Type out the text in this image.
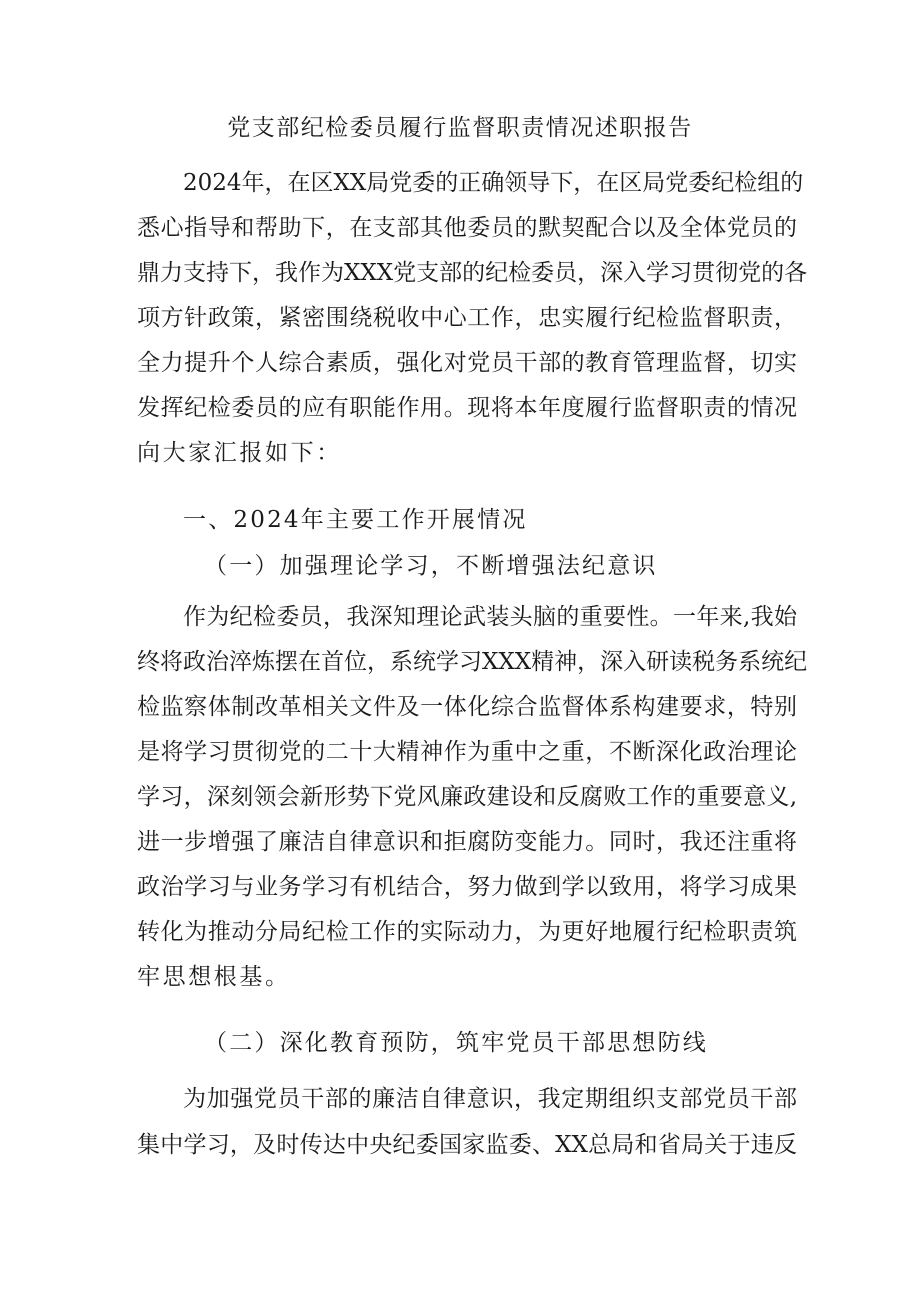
党支部纪检委员履行监督职责情况述职报告
2024年，在区XX局党委的正确领导下，在区局党委纪检组的
悉心指导和帮助下，在支部其他委员的默契配合以及全体党员的
鼎力支持下，我作为XXX党支部的纪检委员，深入学习贯彻党的各
项方针政策，紧密围绕税收中心工作，忠实履行纪检监督职责，
全力提升个人综合素质，强化对党员干部的教育管理监督，切实
发挥纪检委员的应有职能作用。现将本年度履行监督职责的情况
向大家汇报如下：
一、2024年主要工作开展情况
（一）加强理论学习，不断增强法纪意识
作为纪检委员，我深知理论武装头脑的重要性。一年来,我始
终将政治淬炼摆在首位，系统学习XXX精神，深入研读税务系统纪
检监察体制改革相关文件及一体化综合监督体系构建要求，特别
是将学习贯彻党的二十大精神作为重中之重，不断深化政治理论
学习，深刻领会新形势下党风廉政建设和反腐败工作的重要意义,
进一步增强了廉洁自律意识和拒腐防变能力。同时，我还注重将
政治学习与业务学习有机结合，努力做到学以致用，将学习成果
转化为推动分局纪检工作的实际动力，为更好地履行纪检职责筑
牢思想根基。
（二）深化教育预防，筑牢党员干部思想防线
为加强党员干部的廉洁自律意识，我定期组织支部党员干部
集中学习，及时传达中央纪委国家监委、XX总局和省局关于违反
